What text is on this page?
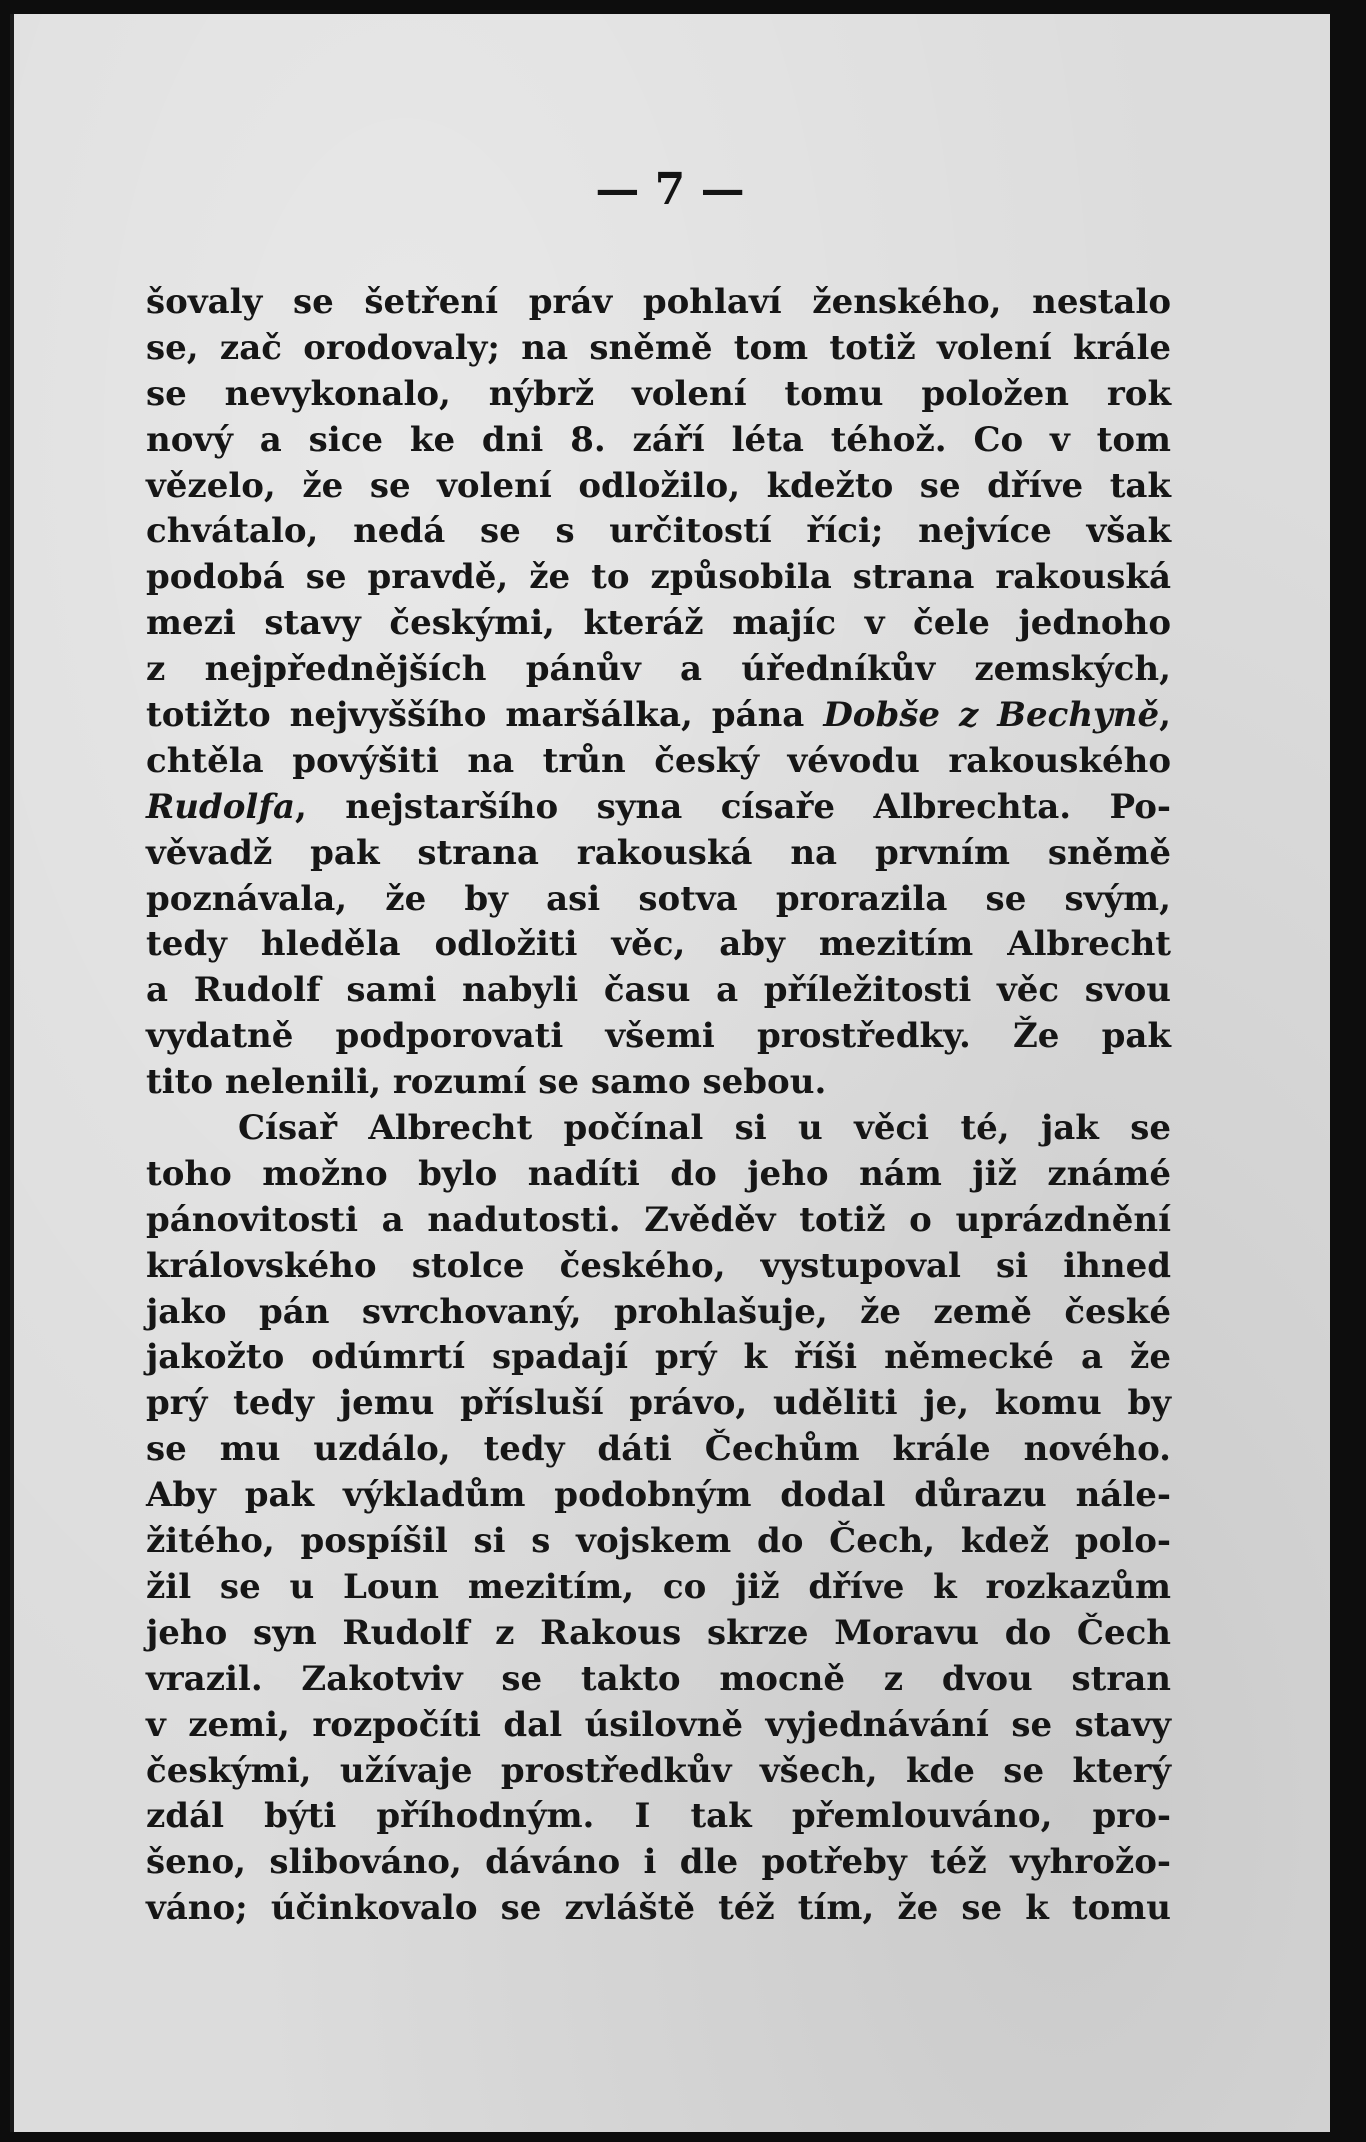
— 7 —
šovaly se šetření práv pohlaví ženského, nestalo
se, zač orodovaly; na sněmě tom totiž volení krále
se nevykonalo, nýbrž volení tomu položen rok
nový a sice ke dni 8. září léta téhož. Co v tom
vězelo, že se volení odložilo, kdežto se dříve tak
chvátalo, nedá se s určitostí říci; nejvíce však
podobá se pravdě, že to způsobila strana rakouská
mezi stavy českými, kteráž majíc v čele jednoho
z nejpřednějších pánův a úředníkův zemských,
totižto nejvyššího maršálka, pána Dobše z Bechyně,
chtěla povýšiti na trůn český vévodu rakouského
Rudolfa, nejstaršího syna císaře Albrechta. Po-
věvadž pak strana rakouská na prvním sněmě
poznávala, že by asi sotva prorazila se svým,
tedy hleděla odložiti věc, aby mezitím Albrecht
a Rudolf sami nabyli času a příležitosti věc svou
vydatně podporovati všemi prostředky. Že pak
tito nelenili, rozumí se samo sebou.
Císař Albrecht počínal si u věci té, jak se
toho možno bylo nadíti do jeho nám již známé
pánovitosti a nadutosti. Zvěděv totiž o uprázdnění
královského stolce českého, vystupoval si ihned
jako pán svrchovaný, prohlašuje, že země české
jakožto odúmrtí spadají prý k říši německé a že
prý tedy jemu přísluší právo, uděliti je, komu by
se mu uzdálo, tedy dáti Čechům krále nového.
Aby pak výkladům podobným dodal důrazu nále-
žitého, pospíšil si s vojskem do Čech, kdež polo-
žil se u Loun mezitím, co již dříve k rozkazům
jeho syn Rudolf z Rakous skrze Moravu do Čech
vrazil. Zakotviv se takto mocně z dvou stran
v zemi, rozpočíti dal úsilovně vyjednávání se stavy
českými, užívaje prostředkův všech, kde se který
zdál býti příhodným. I tak přemlouváno, pro-
šeno, slibováno, dáváno i dle potřeby též vyhrožo-
váno; účinkovalo se zvláště též tím, že se k tomu
